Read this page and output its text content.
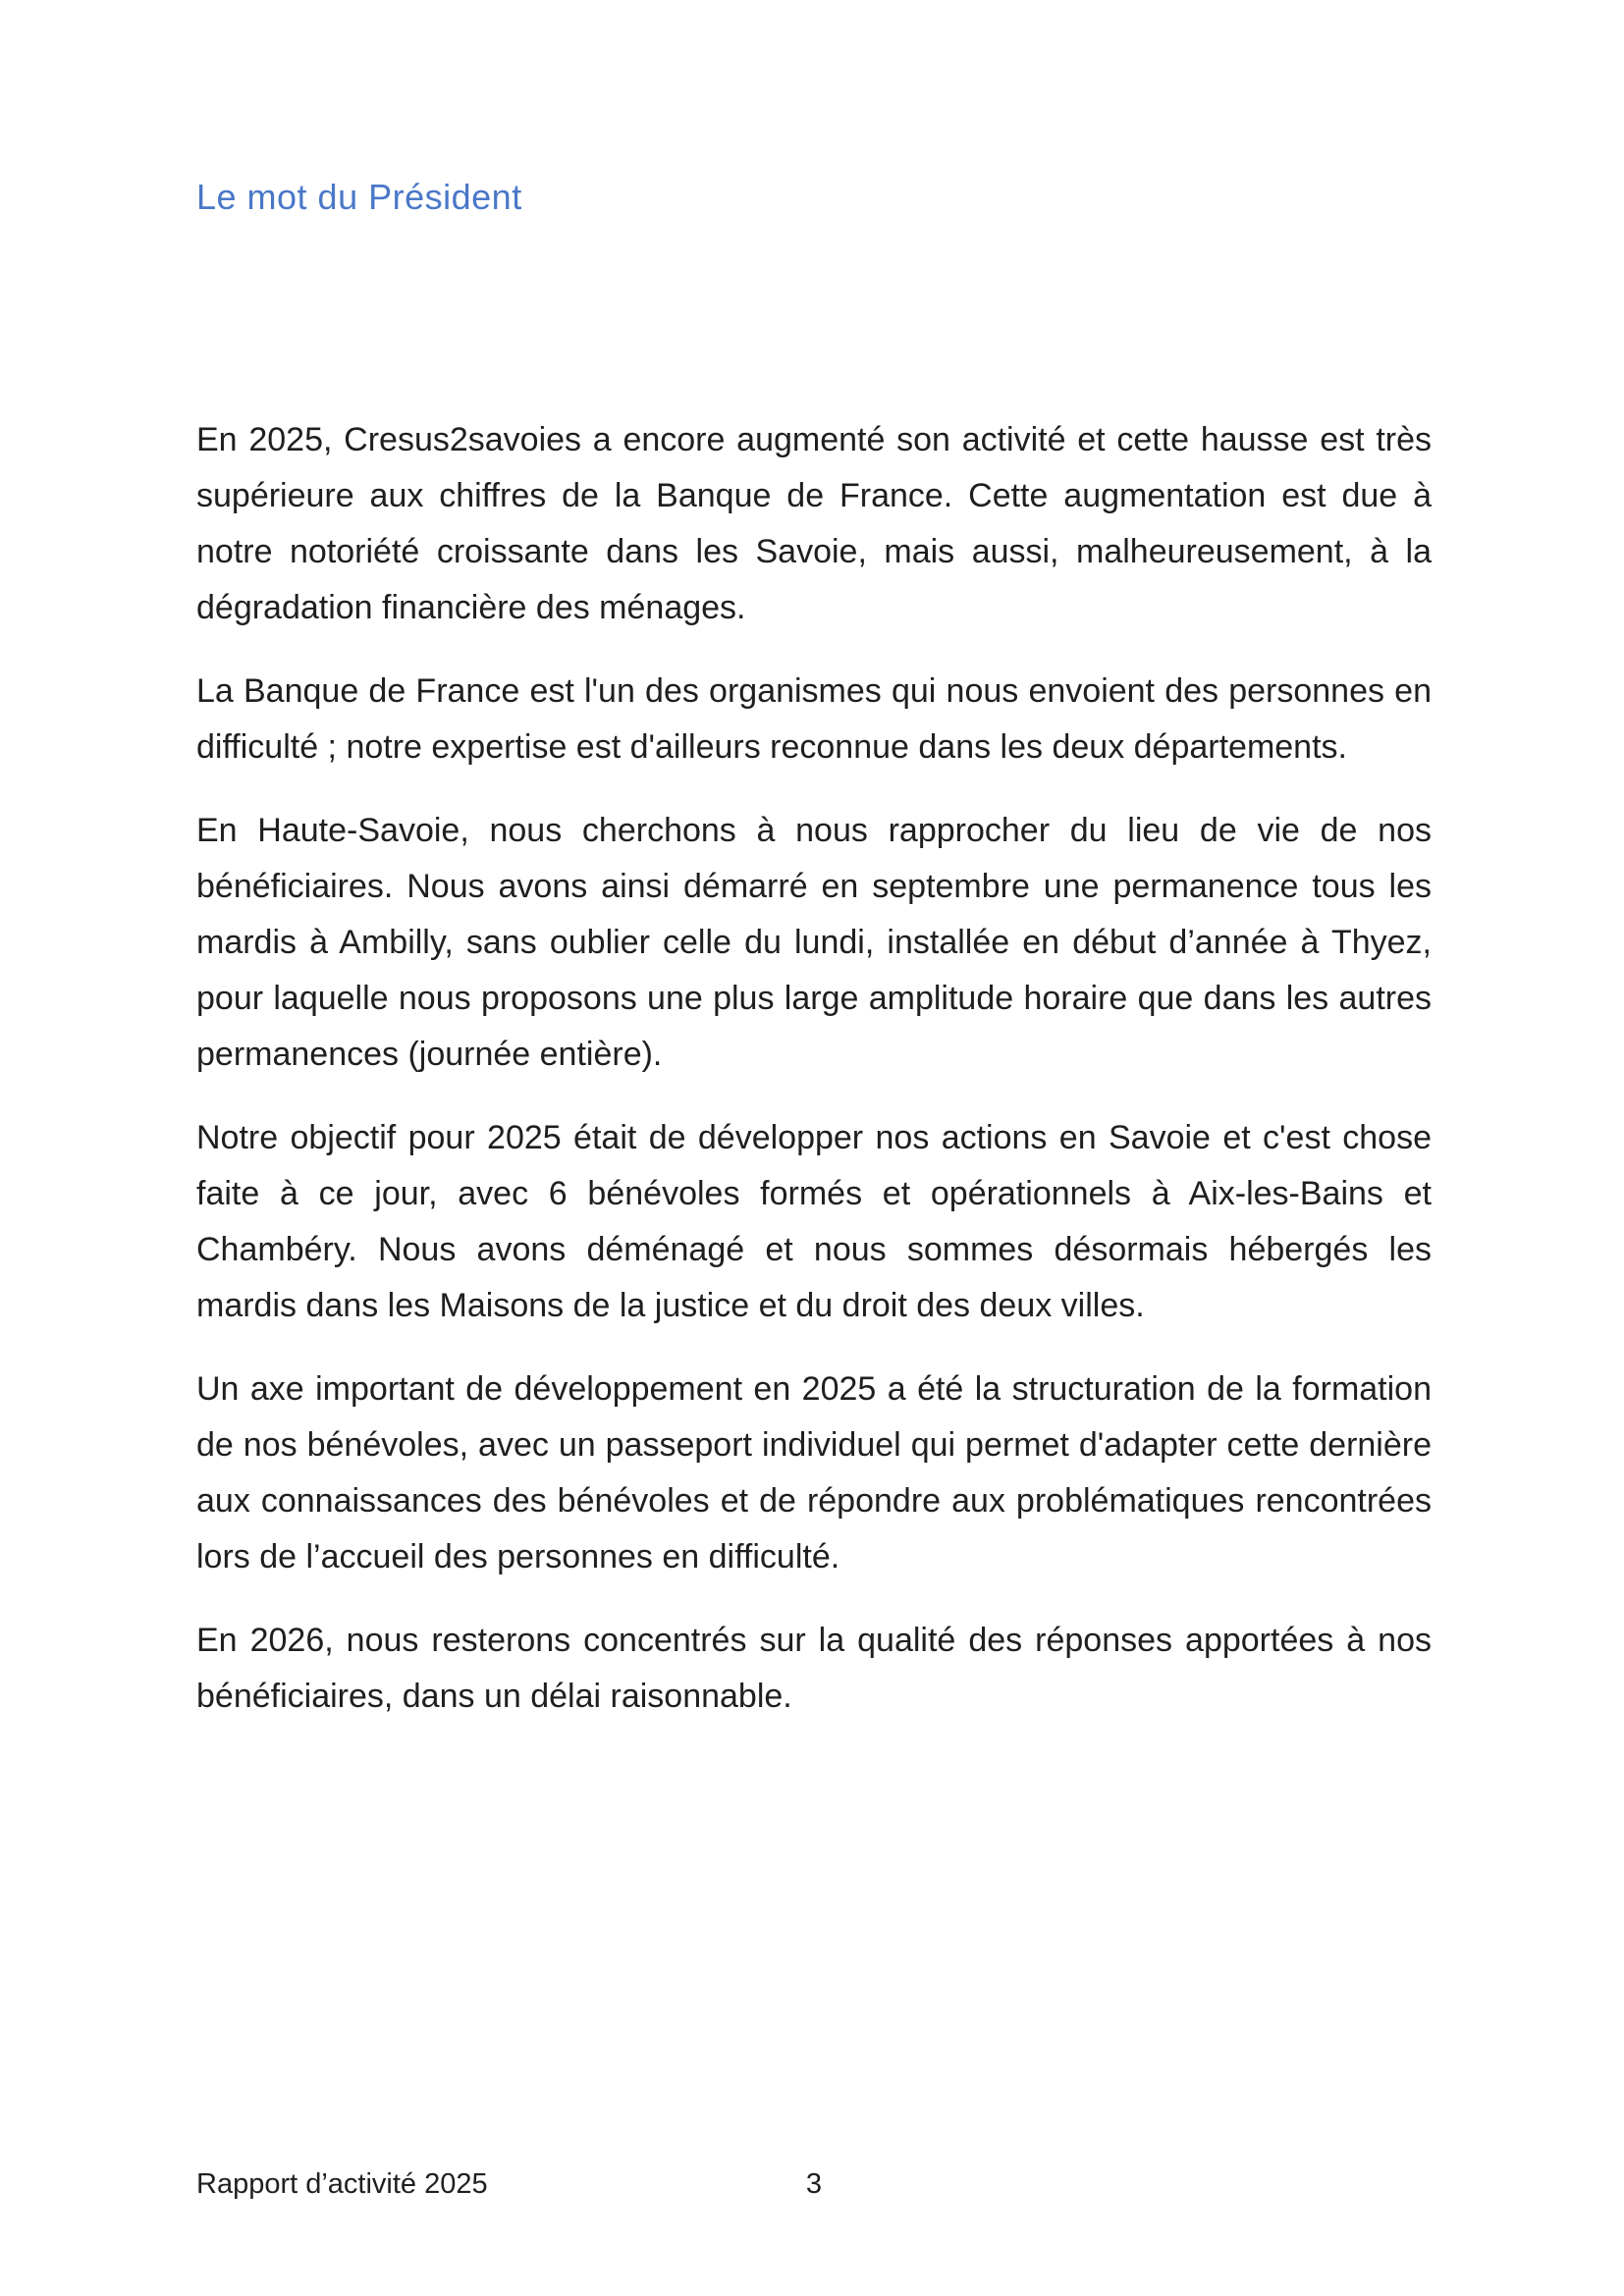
Le mot du Président

En 2025, Cresus2savoies a encore augmenté son activité et cette hausse est très supérieure aux chiffres de la Banque de France. Cette augmentation est due à notre notoriété croissante dans les Savoie, mais aussi, malheureusement, à la dégradation financière des ménages.

La Banque de France est l'un des organismes qui nous envoient des personnes en difficulté ; notre expertise est d'ailleurs reconnue dans les deux départements.

En Haute-Savoie, nous cherchons à nous rapprocher du lieu de vie de nos bénéficiaires. Nous avons ainsi démarré en septembre une permanence tous les mardis à Ambilly, sans oublier celle du lundi, installée en début d’année à Thyez, pour laquelle nous proposons une plus large amplitude horaire que dans les autres permanences (journée entière).

Notre objectif pour 2025 était de développer nos actions en Savoie et c'est chose faite à ce jour, avec 6 bénévoles formés et opérationnels à Aix-les-Bains et Chambéry. Nous avons déménagé et nous sommes désormais hébergés les mardis dans les Maisons de la justice et du droit des deux villes.

Un axe important de développement en 2025 a été la structuration de la formation de nos bénévoles, avec un passeport individuel qui permet d'adapter cette dernière aux connaissances des bénévoles et de répondre aux problématiques rencontrées lors de l’accueil des personnes en difficulté.

En 2026, nous resterons concentrés sur la qualité des réponses apportées à nos bénéficiaires, dans un délai raisonnable.

Rapport d’activité 2025	3
